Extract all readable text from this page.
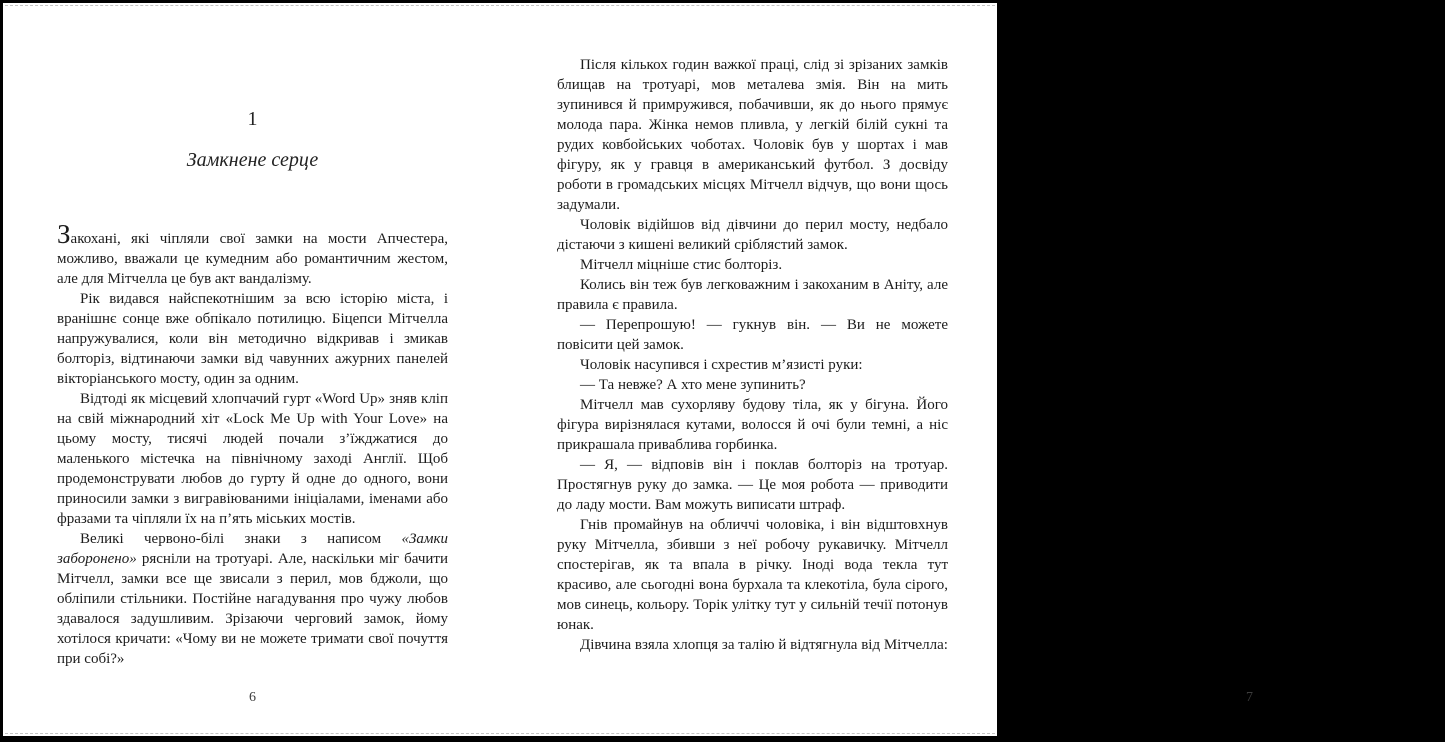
1
Замкнене серце

Закохані, які чіпляли свої замки на мости Апчестера, можливо, вважали це кумедним або романтичним жестом, але для Мітчелла це був акт вандалізму.

Рік видався найспекотнішим за всю історію міста, і вранішнє сонце вже обпікало потилицю. Біцепси Мітчелла напружувалися, коли він методично відкривав і змикав болторіз, відтинаючи замки від чавунних ажурних панелей вікторіанського мосту, один за одним.

Відтоді як місцевий хлопчачий гурт «Word Up» зняв кліп на свій міжнародний хіт «Lock Me Up with Your Love» на цьому мосту, тисячі людей почали з’їжджатися до маленького містечка на північному заході Англії. Щоб продемонструвати любов до гурту й одне до одного, вони приносили замки з вигравіюваними ініціалами, іменами або фразами та чіпляли їх на п’ять міських мостів.

Великі червоно-білі знаки з написом «Замки заборонено» рясніли на тротуарі. Але, наскільки міг бачити Мітчелл, замки все ще звисали з перил, мов бджоли, що обліпили стільники. Постійне нагадування про чужу любов здавалося задушливим. Зрізаючи черговий замок, йому хотілося кричати: «Чому ви не можете тримати свої почуття при собі?»

6

Після кількох годин важкої праці, слід зі зрізаних замків блищав на тротуарі, мов металева змія. Він на мить зупинився й примружився, побачивши, як до нього прямує молода пара. Жінка немов пливла, у легкій білій сукні та рудих ковбойських чоботах. Чоловік був у шортах і мав фігуру, як у гравця в американський футбол. З досвіду роботи в громадських місцях Мітчелл відчув, що вони щось задумали.

Чоловік відійшов від дівчини до перил мосту, недбало дістаючи з кишені великий сріблястий замок.

Мітчелл міцніше стис болторіз.

Колись він теж був легковажним і закоханим в Аніту, але правила є правила.

— Перепрошую! — гукнув він. — Ви не можете повісити цей замок.

Чоловік насупився і схрестив м’язисті руки:

— Та невже? А хто мене зупинить?

Мітчелл мав сухорляву будову тіла, як у бігуна. Його фігура вирізнялася кутами, волосся й очі були темні, а ніс прикрашала приваблива горбинка.

— Я, — відповів він і поклав болторіз на тротуар. Простягнув руку до замка. — Це моя робота — приводити до ладу мости. Вам можуть виписати штраф.

Гнів промайнув на обличчі чоловіка, і він відштовхнув руку Мітчелла, збивши з неї робочу рукавичку. Мітчелл спостерігав, як та впала в річку. Іноді вода текла тут красиво, але сьогодні вона бурхала та клекотіла, була сірого, мов синець, кольору. Торік улітку тут у сильній течії потонув юнак.

Дівчина взяла хлопця за талію й відтягнула від Мітчелла:

7
